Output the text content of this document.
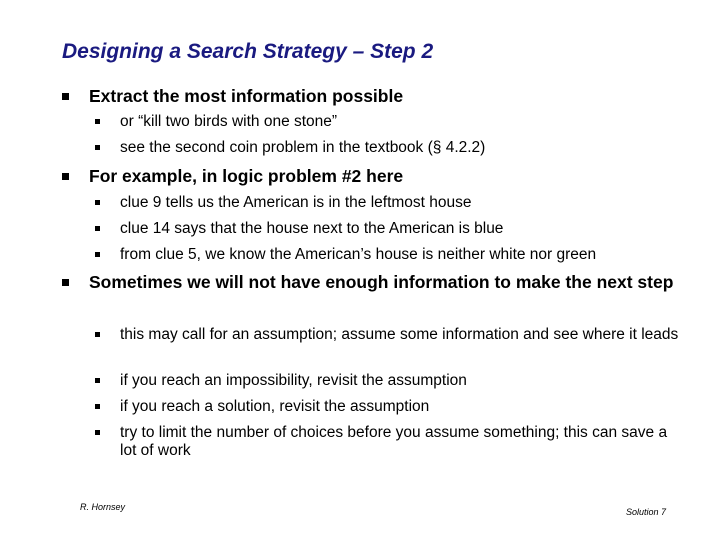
Designing a Search Strategy – Step 2
Extract the most information possible
or “kill two birds with one stone”
see the second coin problem in the textbook (§ 4.2.2)
For example, in logic problem #2 here
clue 9 tells us the American is in the leftmost house
clue 14 says that the house next to the American is blue
from clue 5, we know the American’s house is neither white nor green
Sometimes we will not have enough information to make the next step
this may call for an assumption; assume some information and see where it leads
if you reach an impossibility, revisit the assumption
if you reach a solution, revisit the assumption
try to limit the number of choices before you assume something; this can save a lot of work
R. Hornsey	Solution 7
